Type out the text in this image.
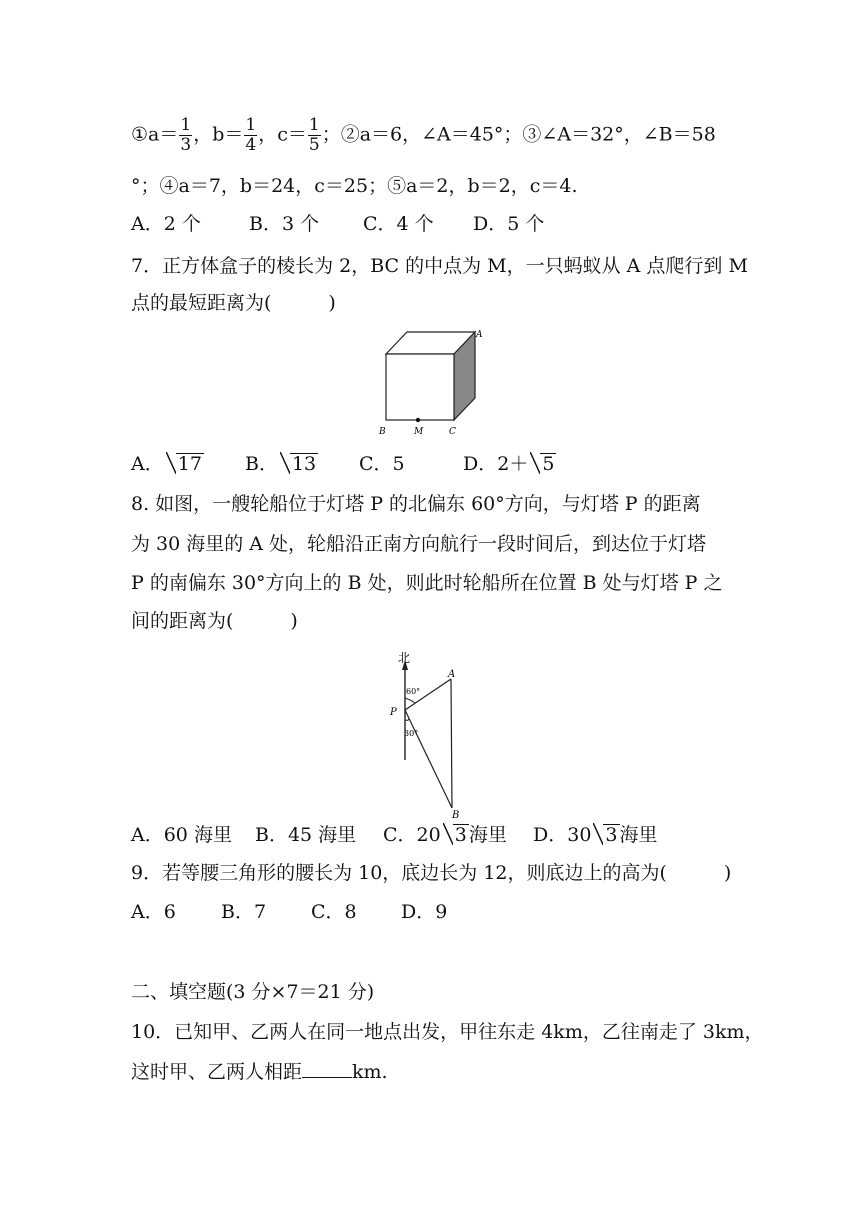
①a＝ $\frac{1}{3}$ ，$b= \frac{1}{4}$ ，$c= \frac{1}{5}$ ；②a＝6，∠A＝45°；③∠A＝32°，∠B＝58
°；④a＝7，b＝24，c＝25；⑤a＝2，b＝2，c＝4.
A．2 个	B．3 个 C．4 个 D．5 个
7．正方体盒子的棱长为 2，BC 的中点为 M，一只蚂蚁从 A 点爬行到 M
点的最短距离为(　　　)
A
B	M	C
A． 17 B． 13 C．5	D．2＋ 5
8. 如图，一艘轮船位于灯塔 P 的北偏东 60°方向，与灯塔 P 的距离
为 30 海里的 A 处，轮船沿正南方向航行一段时间后，到达位于灯塔
P 的南偏东 30°方向上的 B 处，则此时轮船所在位置 B 处与灯塔 P 之
间的距离为(　　　)
北
60°
30°
A
P
B
A．60 海里 B．45 海里 C．20 3 海里 D．30 3 海里
9．若等腰三角形的腰长为 10，底边长为 12，则底边上的高为(　　　)
A．6 B．7 C．8 D．9
二、填空题(3 分×7＝21 分)
10．已知甲、乙两人在同一地点出发，甲往东走 4km，乙往南走了 3km，
这时甲、乙两人相距	km.
